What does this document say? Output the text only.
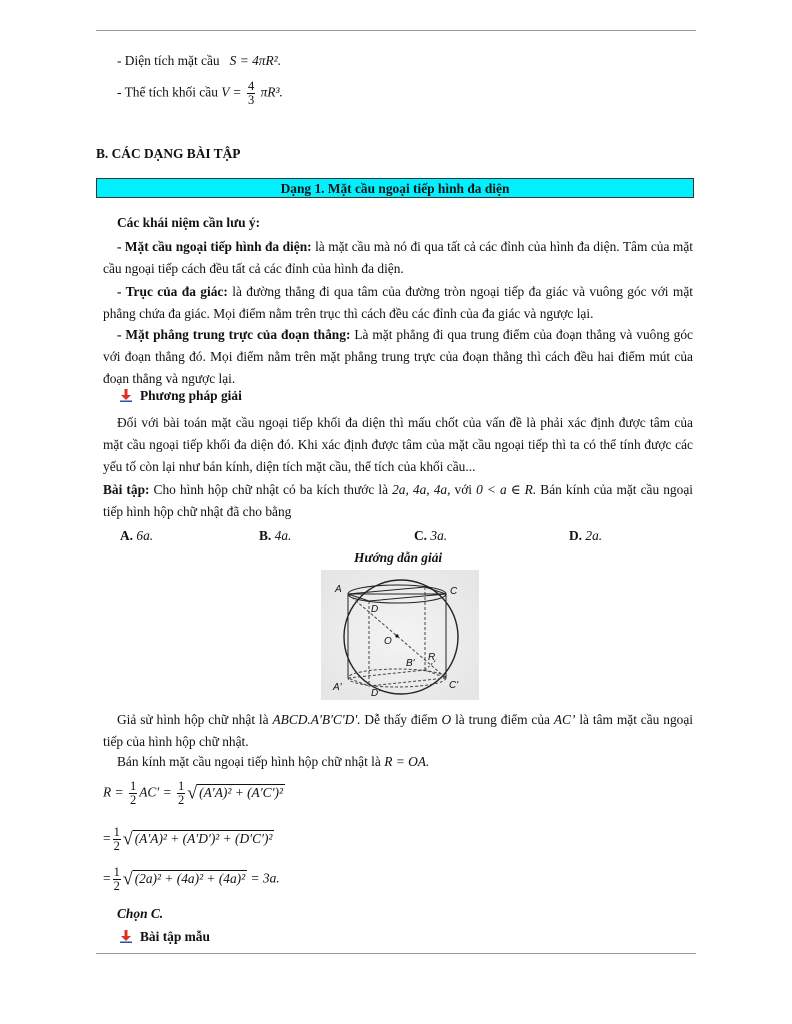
- Diện tích mặt cầu S = 4πR².
- Thể tích khối cầu $V = \frac{4}{3} \pi R^3$.
B. CÁC DẠNG BÀI TẬP
Dạng 1. Mặt cầu ngoại tiếp hình đa diện
Các khái niệm cần lưu ý:
- Mặt cầu ngoại tiếp hình đa diện: là mặt cầu mà nó đi qua tất cả các đỉnh của hình đa diện. Tâm của mặt cầu ngoại tiếp cách đều tất cả các đỉnh của hình đa diện.
- Trục của đa giác: là đường thẳng đi qua tâm của đường tròn ngoại tiếp đa giác và vuông góc với mặt phẳng chứa đa giác. Mọi điểm nằm trên trục thì cách đều các đỉnh của đa giác và ngược lại.
- Mặt phẳng trung trực của đoạn thẳng: Là mặt phẳng đi qua trung điểm của đoạn thẳng và vuông góc với đoạn thẳng đó. Mọi điểm nằm trên mặt phẳng trung trực của đoạn thẳng thì cách đều hai điểm mút của đoạn thẳng và ngược lại.
Phương pháp giải
Đối với bài toán mặt cầu ngoại tiếp khối đa diện thì mấu chốt của vấn đề là phải xác định được tâm của mặt cầu ngoại tiếp khối đa diện đó. Khi xác định được tâm của mặt cầu ngoại tiếp thì ta có thể tính được các yếu tố còn lại như bán kính, diện tích mặt cầu, thể tích của khối cầu...
Bài tập: Cho hình hộp chữ nhật có ba kích thước là 2a, 4a, 4a, với 0 < a ∈ R. Bán kính của mặt cầu ngoại tiếp hình hộp chữ nhật đã cho bằng
A. 6a.	B. 4a.	C. 3a.	D. 2a.
Hướng dẫn giải
A	C
D
O
R
B'
A'
D'
C'
Giả sử hình hộp chữ nhật là ABCD.A'B'C'D'. Dễ thấy điểm O là trung điểm của AC’ là tâm mặt cầu ngoại tiếp của hình hộp chữ nhật.
Bán kính mặt cầu ngoại tiếp hình hộp chữ nhật là R = OA.
$R = \frac{1}{2} AC' = \frac{1}{2}$ √ (A′A)² + (A′C′)²
= $\frac{1}{2}$ √ (A′A)² + (A′D′)² + (D′C′)²
= $\frac{1}{2}$ √ (2a)² + (4a)² + (4a)² = 3a.
Chọn C.
Bài tập mẫu
